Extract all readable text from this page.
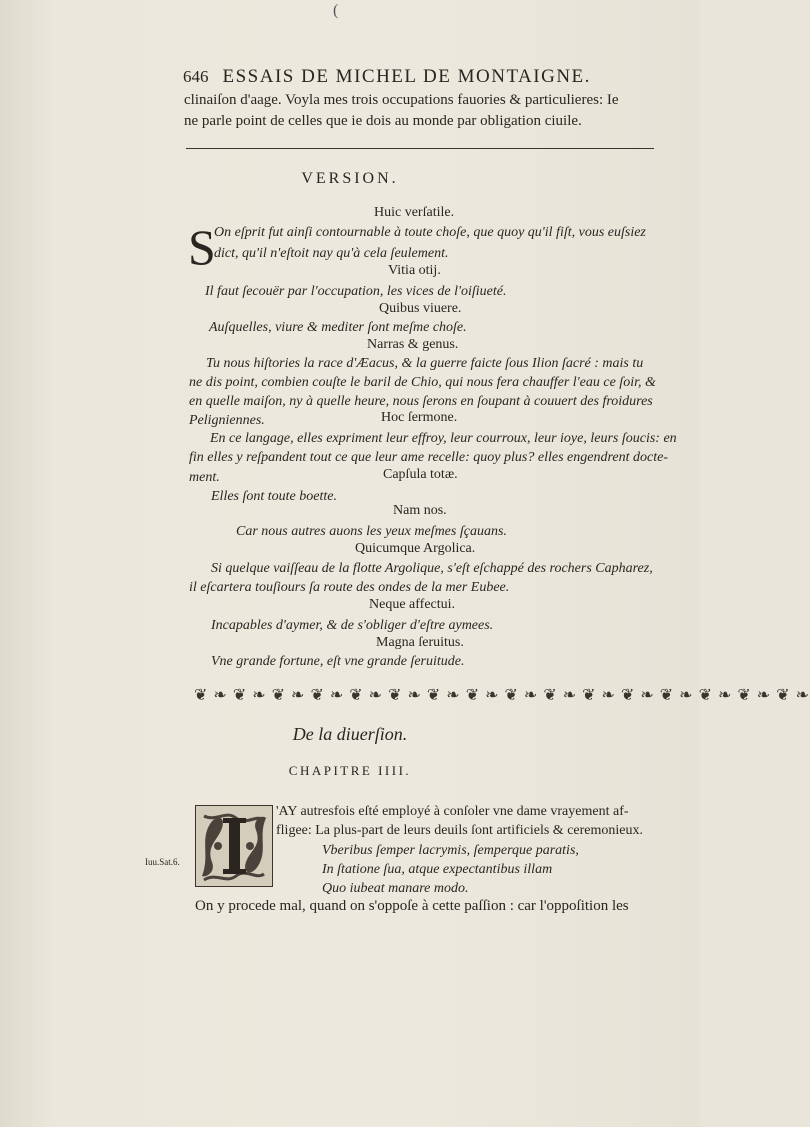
(
646 ESSAIS DE MICHEL DE MONTAIGNE.
clinaiſon d'aage. Voyla mes trois occupations fauories & particulieres: Ie
ne parle point de celles que ie dois au monde par obligation ciuile.
VERSION.
Huic verſatile.
S
On eſprit fut ainſi contournable à toute choſe, que quoy qu'il fiſt, vous euſsiez
dict, qu'il n'eſtoit nay qu'à cela ſeulement.
Vitia otij.
Il faut ſecouër par l'occupation, les vices de l'oiſiueté.
Quibus viuere.
Auſquelles, viure & mediter ſont meſme choſe.
Narras & genus.
Tu nous hiſtories la race d'Æacus, & la guerre faicte ſous Ilion ſacré : mais tu
ne dis point, combien couſte le baril de Chio, qui nous fera chauffer l'eau ce ſoir, &
en quelle maiſon, ny à quelle heure, nous ſerons en ſoupant à couuert des froidures
Peligniennes.	Hoc ſermone.
En ce langage, elles expriment leur effroy, leur courroux, leur ioye, leurs ſoucis: en
fin elles y reſpandent tout ce que leur ame recelle: quoy plus? elles engendrent docte-
ment.	Capſula totæ.
Elles ſont toute boette.
Nam nos.
Car nous autres auons les yeux meſmes ſçauans.
Quicumque Argolica.
Si quelque vaiſſeau de la flotte Argolique, s'eſt eſchappé des rochers Capharez,
il eſcartera touſiours ſa route des ondes de la mer Eubee.
Neque affectui.
Incapables d'aymer, & de s'obliger d'eſtre aymees.
Magna ſeruitus.
Vne grande fortune, eſt vne grande ſeruitude.
❦ ❧ ❦ ❧ ❦ ❧ ❦ ❧ ❦ ❧ ❦ ❧ ❦ ❧ ❦ ❧ ❦ ❧ ❦ ❧ ❦ ❧ ❦ ❧ ❦ ❧ ❦ ❧ ❦ ❧ ❦ ❧
De la diuerſion.
CHAPITRE IIII.
I
'AY autresfois eſté employé à conſoler vne dame vrayement af-
fligee: La plus-part de leurs deuils ſont artificiels & ceremonieux.
Vberibus ſemper lacrymis, ſemperque paratis,
In ſtatione ſua, atque expectantibus illam
Quo iubeat manare modo.
Iuu.Sat.6.
On y procede mal, quand on s'oppoſe à cette paſſion : car l'oppoſition les
